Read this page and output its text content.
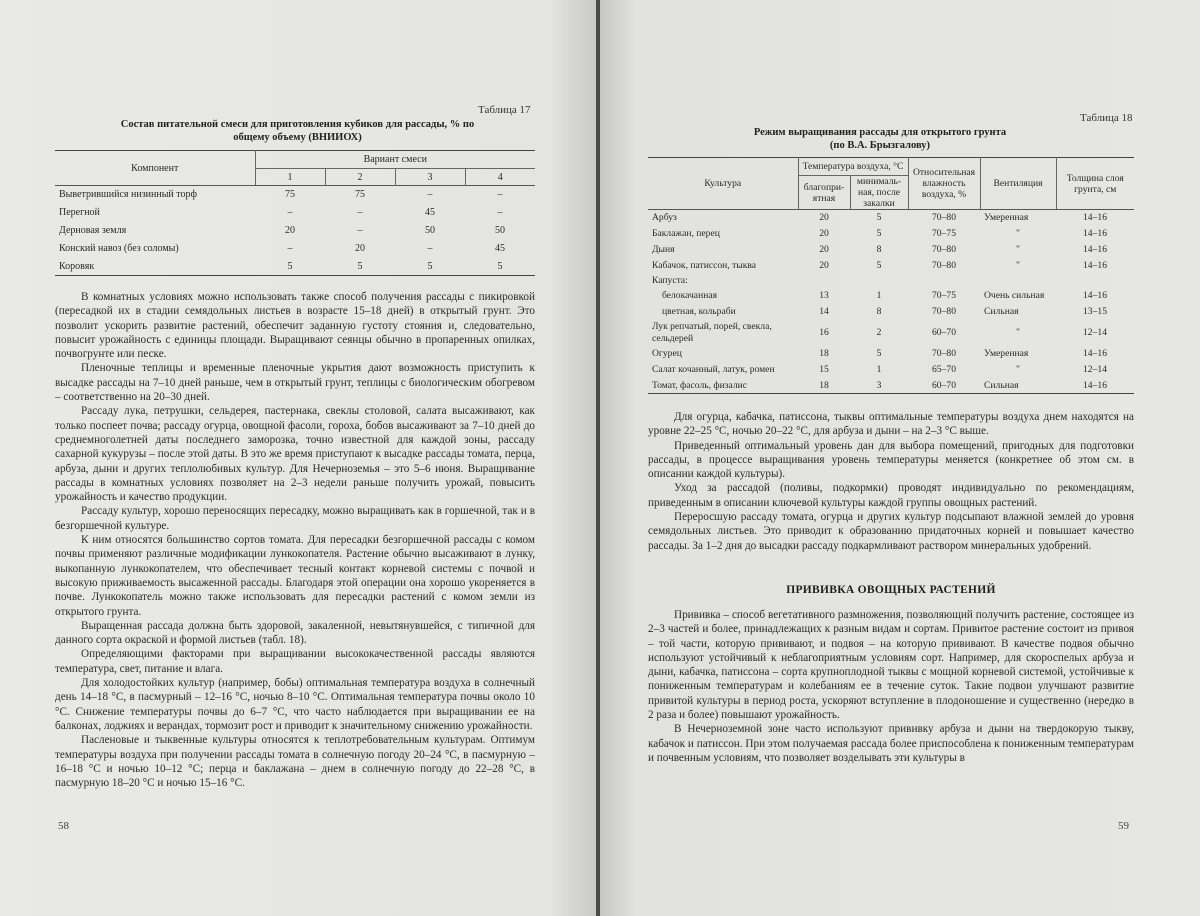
Таблица 17
Состав питательной смеси для приготовления кубиков для рассады, % по общему объему (ВНИИОХ)
Компонент	Вариант смеси			
	1	2	3	4
Выветрившийся низинный торф	75	75	–	–
Перегной	–	–	45	–
Дерновая земля	20	–	50	50
Конский навоз (без соломы)	–	20	–	45
Коровяк	5	5	5	5

В комнатных условиях можно использовать также способ получения рассады с пикировкой (пересадкой их в стадии семядольных листьев в возрасте 15–18 дней) в открытый грунт. Это позволит ускорить развитие растений, обеспечит заданную густоту стояния и, следовательно, повысит урожайность с единицы площади. Выращивают сеянцы обычно в пропаренных опилках, почвогрунте или песке.

Пленочные теплицы и временные пленочные укрытия дают возможность приступить к высадке рассады на 7–10 дней раньше, чем в открытый грунт, теплицы с биологическим обогревом – соответственно на 20–30 дней.

Рассаду лука, петрушки, сельдерея, пастернака, свеклы столовой, салата высаживают, как только поспеет почва; рассаду огурца, овощной фасоли, гороха, бобов высаживают за 7–10 дней до среднемноголетней даты последнего заморозка, точно известной для каждой зоны, рассаду сахарной кукурузы – после этой даты. В это же время приступают к высадке рассады томата, перца, арбуза, дыни и других теплолюбивых культур. Для Нечерноземья – это 5–6 июня. Выращивание рассады в комнатных условиях позволяет на 2–3 недели раньше получить урожай, повысить урожайность и качество продукции.

Рассаду культур, хорошо переносящих пересадку, можно выращивать как в горшечной, так и в безгоршечной культуре.

К ним относятся большинство сортов томата. Для пересадки безгоршечной рассады с комом почвы применяют различные модификации лункокопателя. Растение обычно высаживают в лунку, выкопанную лункокопателем, что обеспечивает тесный контакт корневой системы с почвой и высокую приживаемость высаженной рассады. Благодаря этой операции она хорошо укореняется в почве. Лункокопатель можно также использовать для пересадки растений с комом земли из открытого грунта.

Выращенная рассада должна быть здоровой, закаленной, невытянувшейся, с типичной для данного сорта окраской и формой листьев (табл. 18).

Определяющими факторами при выращивании высококачественной рассады являются температура, свет, питание и влага.

Для холодостойких культур (например, бобы) оптимальная температура воздуха в солнечный день 14–18 °С, в пасмурный – 12–16 °С, ночью 8–10 °С. Оптимальная температура почвы около 10 °С. Снижение температуры почвы до 6–7 °С, что часто наблюдается при выращивании ее на балконах, лоджиях и верандах, тормозит рост и приводит к значительному снижению урожайности.

Пасленовые и тыквенные культуры относятся к теплотребовательным культурам. Оптимум температуры воздуха при получении рассады томата в солнечную погоду 20–24 °С, в пасмурную – 16–18 °С и ночью 10–12 °С; перца и баклажана – днем в солнечную погоду до 22–28 °С, в пасмурную 18–20 °С и ночью 15–16 °С.

58
Таблица 18
Режим выращивания рассады для открытого грунта
(по В.А. Брызгалову)
Культура	Температура воздуха, °С		Относительная влажность воздуха, %	Вентиляция	Толщина слоя грунта, см
	благопри-ятная	минималь-ная, после закалки			
Арбуз	20	5	70–80	Умеренная	14–16
Баклажан, перец	20	5	70–75	"	14–16
Дыня	20	8	70–80	"	14–16
Кабачок, патиссон, тыква	20	5	70–80	"	14–16
Капуста:					
белокачанная	13	1	70–75	Очень сильная	14–16
цветная, кольраби	14	8	70–80	Сильная	13–15
Лук репчатый, порей, свекла, сельдерей	16	2	60–70	"	12–14
Огурец	18	5	70–80	Умеренная	14–16
Салат кочанный, латук, ромен	15	1	65–70	"	12–14
Томат, фасоль, физалис	18	3	60–70	Сильная	14–16

Для огурца, кабачка, патиссона, тыквы оптимальные температуры воздуха днем находятся на уровне 22–25 °С, ночью 20–22 °С, для арбуза и дыни – на 2–3 °С выше.

Приведенный оптимальный уровень дан для выбора помещений, пригодных для подготовки рассады, в процессе выращивания уровень температуры меняется (конкретнее об этом см. в описании каждой культуры).

Уход за рассадой (поливы, подкормки) проводят индивидуально по рекомендациям, приведенным в описании ключевой культуры каждой группы овощных растений.

Переросшую рассаду томата, огурца и других культур подсыпают влажной землей до уровня семядольных листьев. Это приводит к образованию придаточных корней и повышает качество рассады. За 1–2 дня до высадки рассаду подкармливают раствором минеральных удобрений.

ПРИВИВКА ОВОЩНЫХ РАСТЕНИЙ

Прививка – способ вегетативного размножения, позволяющий получить растение, состоящее из 2–3 частей и более, принадлежащих к разным видам и сортам. Привитое растение состоит из привоя – той части, которую прививают, и подвоя – на которую прививают. В качестве подвоя обычно используют устойчивый к неблагоприятным условиям сорт. Например, для скороспелых арбуза и дыни, кабачка, патиссона – сорта крупноплодной тыквы с мощной корневой системой, устойчивые к пониженным температурам и колебаниям ее в течение суток. Такие подвои улучшают развитие привитой культуры в период роста, ускоряют вступление в плодоношение и существенно (нередко в 2 раза и более) повышают урожайность.

В Нечерноземной зоне часто используют прививку арбуза и дыни на твердокорую тыкву, кабачок и патиссон. При этом получаемая рассада более приспособлена к пониженным температурам и почвенным условиям, что позволяет возделывать эти культуры в

59
